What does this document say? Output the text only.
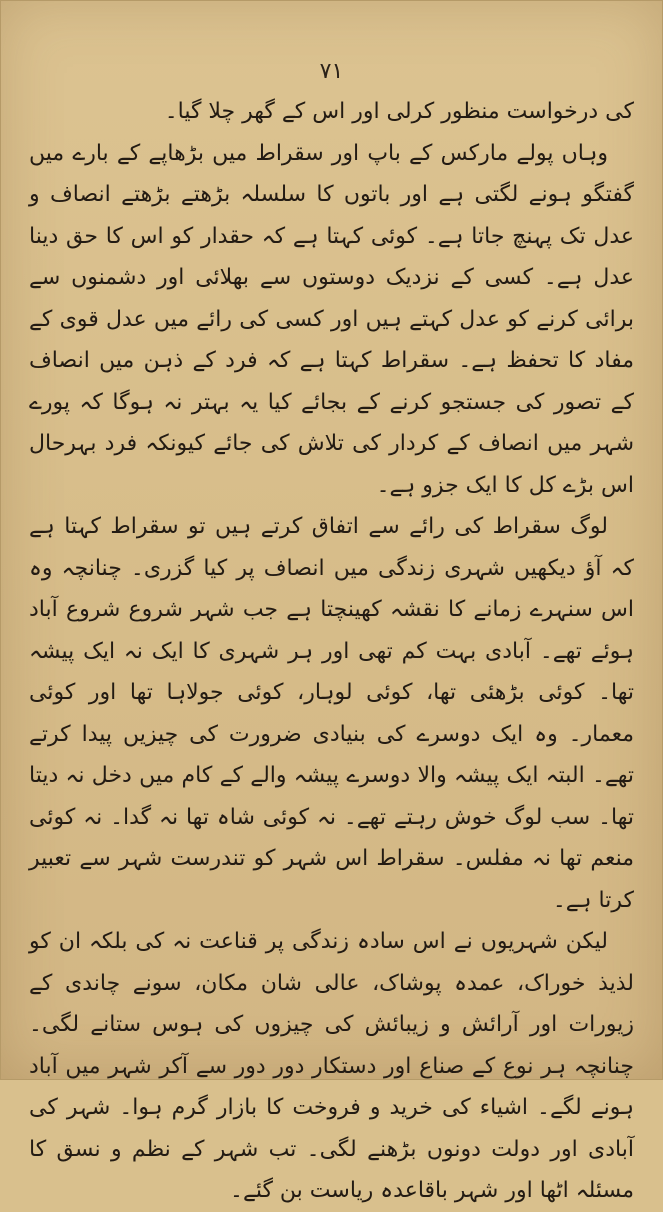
۷۱

کی درخواست منظور کرلی اور اس کے گھر چلا گیا۔

وہاں پولے مارکس کے باپ اور سقراط میں بڑھاپے کے بارے میں گفتگو ہونے لگتی ہے اور باتوں کا سلسلہ بڑھتے بڑھتے انصاف و عدل تک پہنچ جاتا ہے۔ کوئی کہتا ہے کہ حقدار کو اس کا حق دینا عدل ہے۔ کسی کے نزدیک دوستوں سے بھلائی اور دشمنوں سے برائی کرنے کو عدل کہتے ہیں اور کسی کی رائے میں عدل قوی کے مفاد کا تحفظ ہے۔ سقراط کہتا ہے کہ فرد کے ذہن میں انصاف کے تصور کی جستجو کرنے کے بجائے کیا یہ بہتر نہ ہوگا کہ پورے شہر میں انصاف کے کردار کی تلاش کی جائے کیونکہ فرد بہرحال اس بڑے کل کا ایک جزو ہے۔

لوگ سقراط کی رائے سے اتفاق کرتے ہیں تو سقراط کہتا ہے کہ آؤ دیکھیں شہری زندگی میں انصاف پر کیا گزری۔ چنانچہ وہ اس سنہرے زمانے کا نقشہ کھینچتا ہے جب شہر شروع شروع آباد ہوئے تھے۔ آبادی بہت کم تھی اور ہر شہری کا ایک نہ ایک پیشہ تھا۔ کوئی بڑھئی تھا، کوئی لوہار، کوئی جولاہا تھا اور کوئی معمار۔ وہ ایک دوسرے کی بنیادی ضرورت کی چیزیں پیدا کرتے تھے۔ البتہ ایک پیشہ والا دوسرے پیشہ والے کے کام میں دخل نہ دیتا تھا۔ سب لوگ خوش رہتے تھے۔ نہ کوئی شاہ تھا نہ گدا۔ نہ کوئی منعم تھا نہ مفلس۔ سقراط اس شہر کو تندرست شہر سے تعبیر کرتا ہے۔

لیکن شہریوں نے اس سادہ زندگی پر قناعت نہ کی بلکہ ان کو لذیذ خوراک، عمدہ پوشاک، عالی شان مکان، سونے چاندی کے زیورات اور آرائش و زیبائش کی چیزوں کی ہوس ستانے لگی۔ چنانچہ ہر نوع کے صناع اور دستکار دور دور سے آکر شہر میں آباد ہونے لگے۔ اشیاء کی خرید و فروخت کا بازار گرم ہوا۔ شہر کی آبادی اور دولت دونوں بڑھنے لگی۔ تب شہر کے نظم و نسق کا مسئلہ اٹھا اور شہر باقاعدہ ریاست بن گئے۔
